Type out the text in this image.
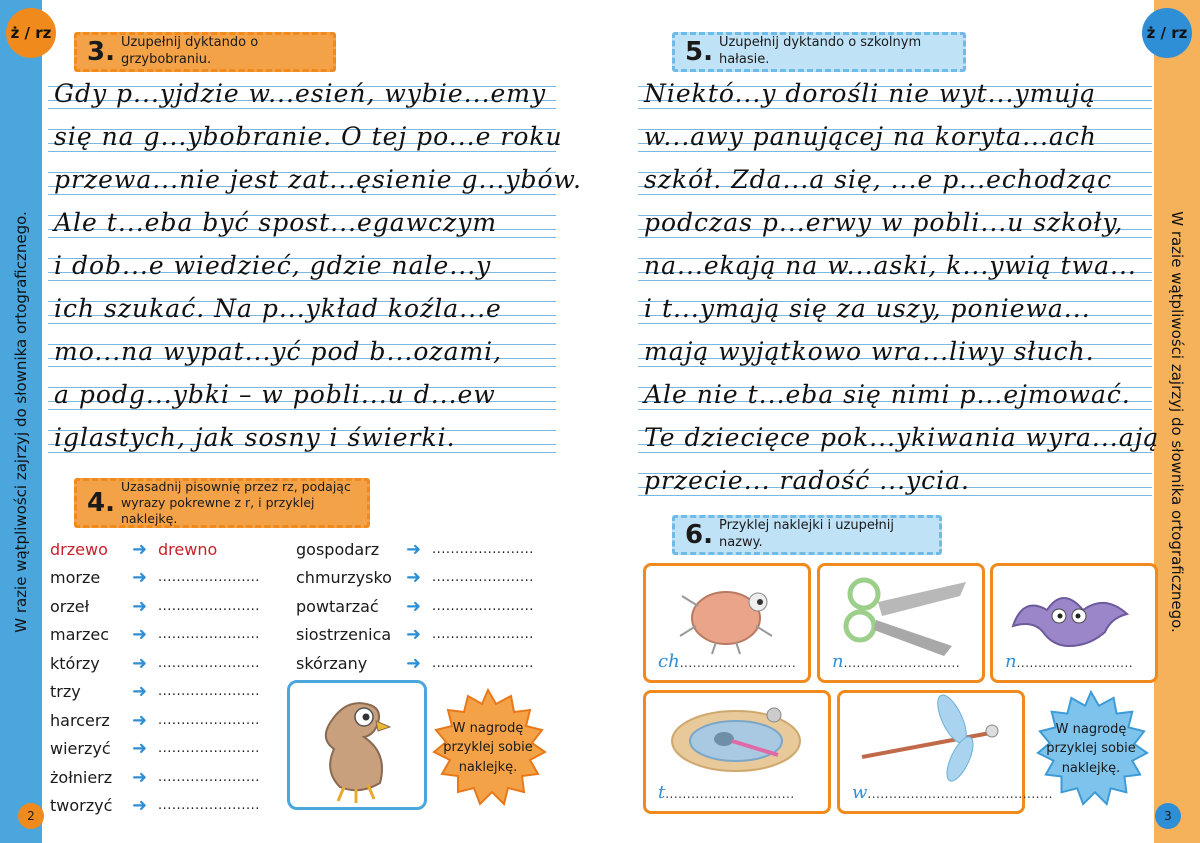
W razie wątpliwości zajrzyj do słownika ortograficznego.	W razie wątpliwości zajrzyj do słownika ortograficznego.
ż / rz	ż / rz
2	3
3. Uzupełnij dyktando o grzybobraniu.
Gdy p...yjdzie w...esień, wybie...emy
się na g...ybobranie. O tej po...e roku
przewa...nie jest zat...ęsienie g...ybów.
Ale t...eba być spost...egawczym
i dob...e wiedzieć, gdzie nale...y
ich szukać. Na p...ykład koźla...e
mo...na wypat...yć pod b...ozami,
a podg...ybki – w pobli...u d...ew
iglastych, jak sosny i świerki.
4.
Uzasadnij pisownię przez rz, podając wyrazy pokrewne z r, i przyklej naklejkę.
drzewo	➜ drewno
morze	➜ ......................
orzeł	➜ ......................
marzec	➜ ......................
którzy	➜ ......................
trzy	➜ ......................
harcerz	➜ ......................
wierzyć	➜ ......................
żołnierz	➜ ......................
tworzyć	➜ ......................
gospodarz	➜ ......................
chmurzysko ➜ ......................
powtarzać	➜ ......................
siostrzenica ➜ ......................
skórzany	➜ ......................
W nagrodę przyklej sobie naklejkę.
5. Uzupełnij dyktando o szkolnym hałasie.
Niektó...y dorośli nie wyt...ymują
w...awy panującej na koryta...ach
szkół. Zda...a się, ...e p...echodząc
podczas p...erwy w pobli...u szkoły,
na...ekają na w...aski, k...ywią twa...
i t...ymają się za uszy, poniewa...
mają wyjątkowo wra...liwy słuch.
Ale nie t...eba się nimi p...ejmować.
Te dziecięce pok...ykiwania wyra...ają
przecie... radość ...ycia.
6. Przyklej naklejki i uzupełnij nazwy.
ch........................... n........................... n...........................
t..............................	w...........................................
W nagrodę przyklej sobie naklejkę.
